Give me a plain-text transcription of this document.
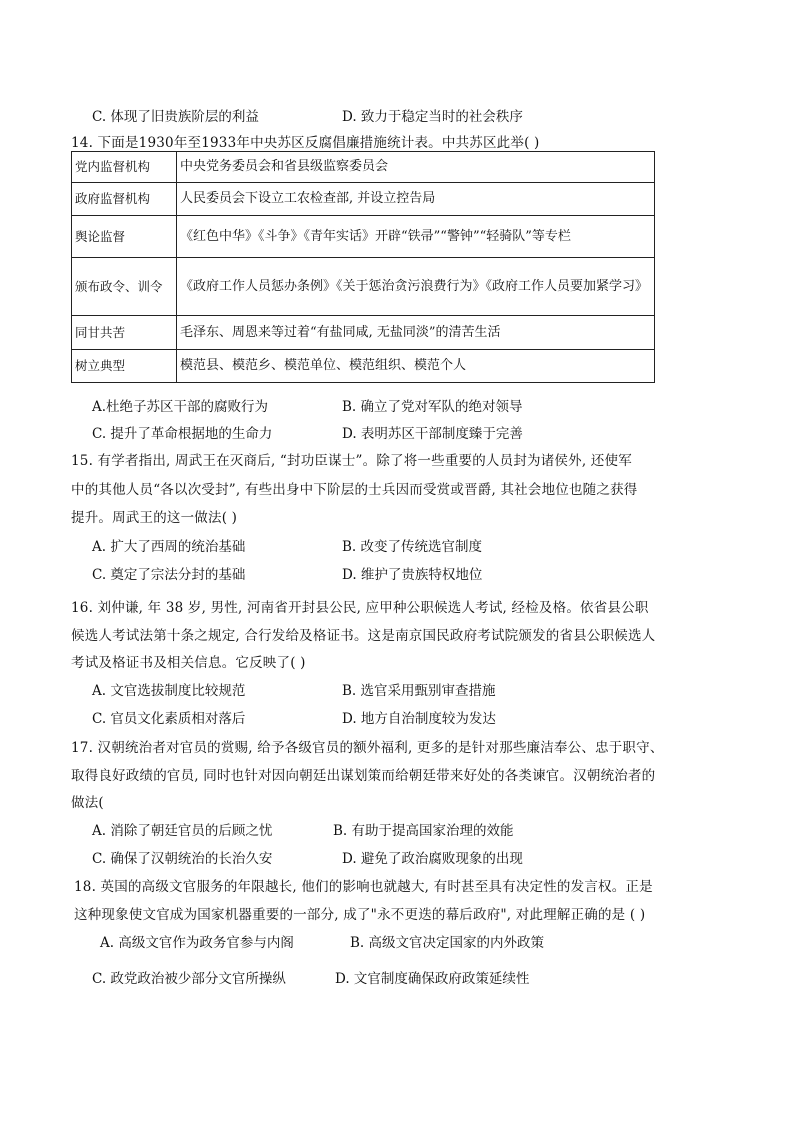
C. 体现了旧贵族阶层的利益	D. 致力于稳定当时的社会秩序
14. 下面是1930年至1933年中央苏区反腐倡廉措施统计表。中共苏区此举( )
党内监督机构	中央党务委员会和省县级监察委员会
政府监督机构	人民委员会下设立工农检查部, 并设立控告局
舆论监督	《红色中华》《斗争》《青年实话》开辟“铁帚”“警钟”“轻骑队”等专栏
颁布政令、训令	《政府工作人员惩办条例》《关于惩治贪污浪费行为》《政府工作人员要加紧学习》
同甘共苦	毛泽东、周恩来等过着“有盐同咸, 无盐同淡”的清苦生活
树立典型	模范县、模范乡、模范单位、模范组织、模范个人
A.杜绝子苏区干部的腐败行为	B. 确立了党对军队的绝对领导
C. 提升了革命根据地的生命力	D. 表明苏区干部制度臻于完善
15. 有学者指出, 周武王在灭商后, “封功臣谋士”。除了将一些重要的人员封为诸侯外, 还使军
中的其他人员“各以次受封”, 有些出身中下阶层的士兵因而受赏或晋爵, 其社会地位也随之获得
提升。周武王的这一做法( )
A. 扩大了西周的统治基础	B. 改变了传统选官制度
C. 奠定了宗法分封的基础	D. 维护了贵族特权地位
16. 刘仲谦, 年 38 岁, 男性, 河南省开封县公民, 应甲种公职候选人考试, 经检及格。依省县公职
候选人考试法第十条之规定, 合行发给及格证书。这是南京国民政府考试院颁发的省县公职候选人
考试及格证书及相关信息。它反映了( )
A. 文官选拔制度比较规范	B. 选官采用甄别审查措施
C. 官员文化素质相对落后	D. 地方自治制度较为发达
17. 汉朝统治者对官员的赏赐, 给予各级官员的额外福利, 更多的是针对那些廉洁奉公、忠于职守、
取得良好政绩的官员, 同时也针对因向朝廷出谋划策而给朝廷带来好处的各类谏官。汉朝统治者的
做法(
A. 消除了朝廷官员的后顾之忧	B. 有助于提高国家治理的效能
C. 确保了汉朝统治的长治久安	D. 避免了政治腐败现象的出现
18. 英国的高级文官服务的年限越长, 他们的影响也就越大, 有时甚至具有决定性的发言权。正是
这种现象使文官成为国家机器重要的一部分, 成了"永不更迭的幕后政府", 对此理解正确的是 ( )
A. 高级文官作为政务官参与内阁	B. 高级文官决定国家的内外政策
C. 政党政治被少部分文官所操纵	D. 文官制度确保政府政策延续性
